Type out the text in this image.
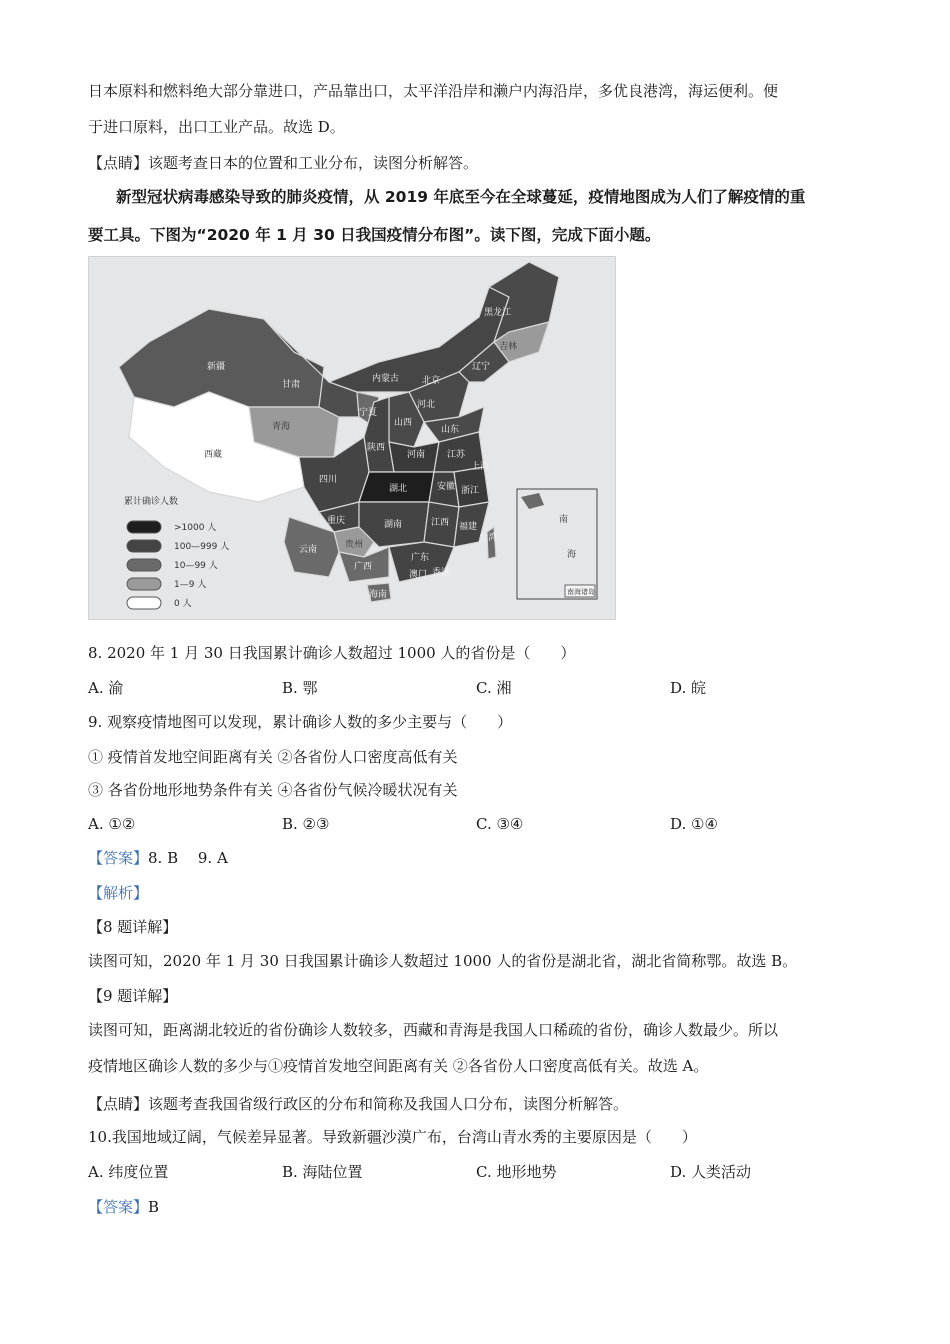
日本原料和燃料绝大部分靠进口，产品靠出口，太平洋沿岸和濑户内海沿岸，多优良港湾，海运便利。便
于进口原料，出口工业产品。故选 D。
【点睛】该题考查日本的位置和工业分布，读图分析解答。
新型冠状病毒感染导致的肺炎疫情，从 2019 年底至今在全球蔓延，疫情地图成为人们了解疫情的重
要工具。下图为“2020 年 1 月 30 日我国疫情分布图”。读下图，完成下面小题。
新疆
西藏
青海
甘肃
内蒙古
黑龙江
吉林
辽宁
北京
河北
山西
山东
宁夏
陕西
河南 江苏
四川
湖北	安徽
上海
浙江
重庆
贵州
湖南	江西 福建
云南
广西
广东
香港
澳门
台湾
海南
累计确诊人数
>1000 人
100—999 人
10—99 人
1—9 人
0 人
南
海
南海诸岛
8. 2020 年 1 月 30 日我国累计确诊人数超过 1000 人的省份是（　　）
A. 渝	B. 鄂	C. 湘	D. 皖
9. 观察疫情地图可以发现，累计确诊人数的多少主要与（　　）
① 疫情首发地空间距离有关 ②各省份人口密度高低有关
③ 各省份地形地势条件有关 ④各省份气候冷暖状况有关
A. ①②	B. ②③	C. ③④	D. ①④
【答案】8. B　 9. A
【解析】
【8 题详解】
读图可知，2020 年 1 月 30 日我国累计确诊人数超过 1000 人的省份是湖北省，湖北省简称鄂。故选 B。
【9 题详解】
读图可知，距离湖北较近的省份确诊人数较多，西藏和青海是我国人口稀疏的省份，确诊人数最少。所以
疫情地区确诊人数的多少与①疫情首发地空间距离有关 ②各省份人口密度高低有关。故选 A。
【点睛】该题考查我国省级行政区的分布和简称及我国人口分布，读图分析解答。
10.我国地域辽阔，气候差异显著。导致新疆沙漠广布，台湾山青水秀的主要原因是（　　）
A. 纬度位置	B. 海陆位置	C. 地形地势	D. 人类活动
【答案】B
